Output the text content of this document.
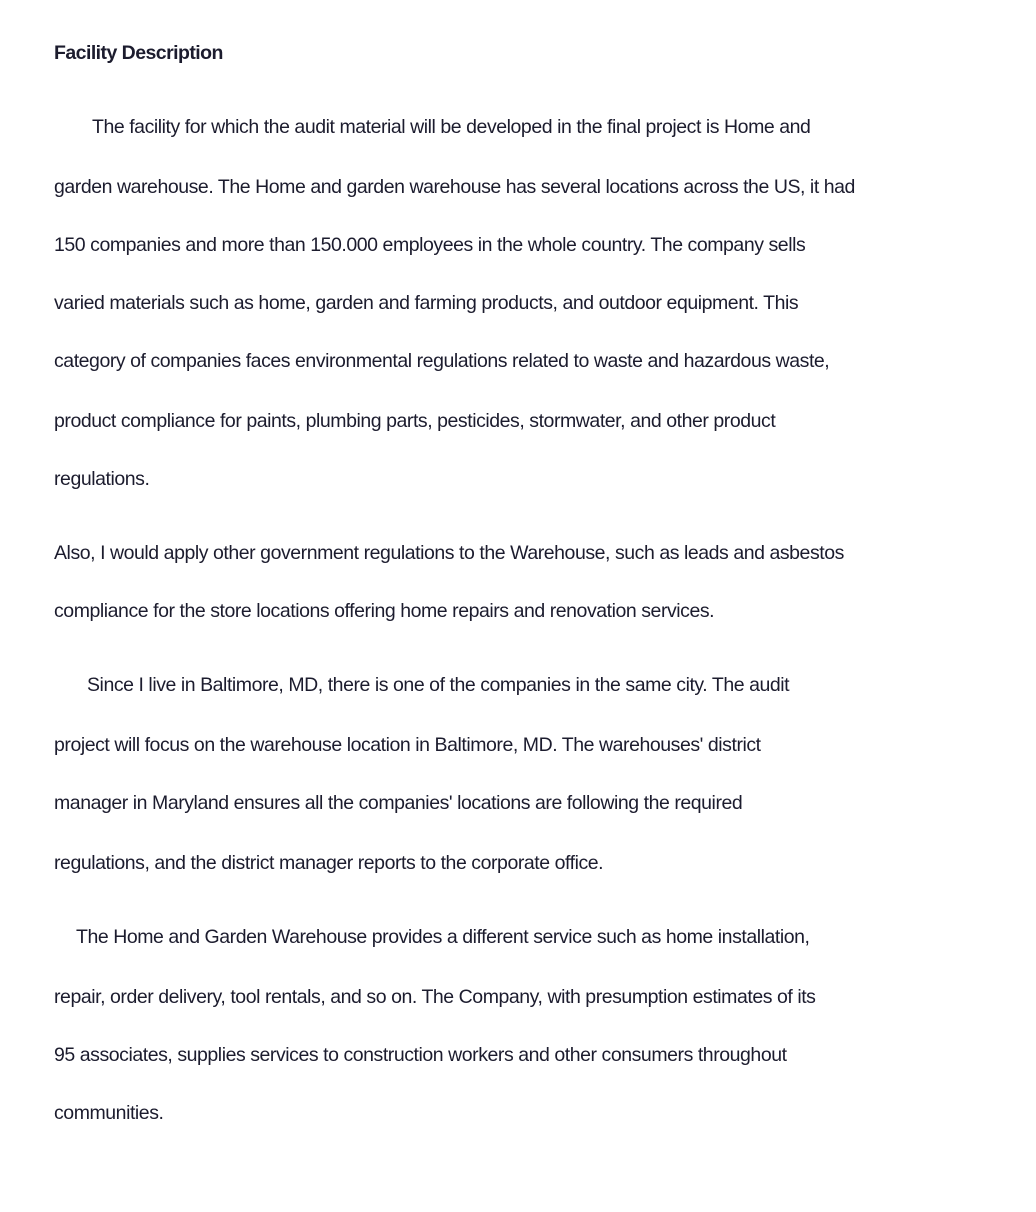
Facility Description
The facility for which the audit material will be developed in the final project is Home and
garden warehouse. The Home and garden warehouse has several locations across the US, it had
150 companies and more than 150.000 employees in the whole country. The company sells
varied materials such as home, garden and farming products, and outdoor equipment. This
category of companies faces environmental regulations related to waste and hazardous waste,
product compliance for paints, plumbing parts, pesticides, stormwater, and other product
regulations.
Also, I would apply other government regulations to the Warehouse, such as leads and asbestos
compliance for the store locations offering home repairs and renovation services.
Since I live in Baltimore, MD, there is one of the companies in the same city. The audit
project will focus on the warehouse location in Baltimore, MD. The warehouses' district
manager in Maryland ensures all the companies' locations are following the required
regulations, and the district manager reports to the corporate office.
The Home and Garden Warehouse provides a different service such as home installation,
repair, order delivery, tool rentals, and so on. The Company, with presumption estimates of its
95 associates, supplies services to construction workers and other consumers throughout
communities.
